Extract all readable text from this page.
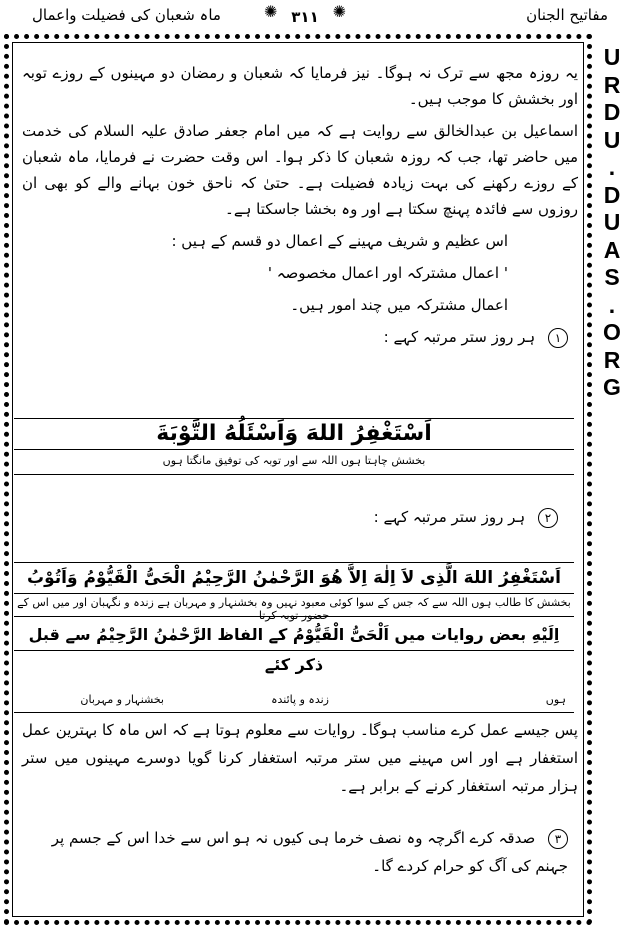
مفاتیح الجنان
✺ ۳۱۱ ✺
ماہ شعبان کی فضیلت واعمال
U
R
D
U
.
D
U
A
S
.
O
R
G

یہ روزہ مجھ سے ترک نہ ہوگا۔ نیز فرمایا کہ شعبان و رمضان دو مہینوں کے روزے توبہ اور بخشش کا موجب ہیں۔

اسماعیل بن عبدالخالق سے روایت ہے کہ میں امام جعفر صادق علیہ السلام کی خدمت میں حاضر تھا، جب کہ روزہ شعبان کا ذکر ہوا۔ اس وقت حضرت نے فرمایا، ماہ شعبان کے روزے رکھنے کی بہت زیادہ فضیلت ہے۔ حتیٰ کہ ناحق خون بہانے والے کو بھی ان روزوں سے فائدہ پہنچ سکتا ہے اور وہ بخشا جاسکتا ہے۔

اس عظیم و شریف مہینے کے اعمال دو قسم کے ہیں :

' اعمال مشترکہ اور اعمال مخصوصہ '

اعمال مشترکہ میں چند امور ہیں۔

۱ ہر روز ستر مرتبہ کہے :

اَسْتَغْفِرُ اللهَ وَاَسْئَلُهُ التَّوْبَةَ
بخشش چاہتا ہوں اللہ سے اور توبہ کی توفیق مانگتا ہوں
۲ ہر روز ستر مرتبہ کہے :
اَسْتَغْفِرُ اللهَ الَّذِى لاَ اِلٰهَ اِلاَّ هُوَ الرَّحْمٰنُ الرَّحِيْمُ الْحَىُّ الْقَيُّوْمُ وَاَتُوْبُ
بخشش کا طالب ہوں اللہ سے کہ جس کے سوا کوئی معبود نہیں وہ بخشنہار و مہربان ہے زندہ و نگہبان اور میں اس کے حضور توبہ کرتا
اِلَيْهِ بعض روایات میں اَلْحَىُّ الْقَيُّوْمُ کے الفاظ الرَّحْمٰنُ الرَّحِيْمُ سے قبل ذکر کئے
ہوں
زندہ و پائندہ
بخشنہار و مہربان
پس جیسے عمل کرے مناسب ہوگا۔ روایات سے معلوم ہوتا ہے کہ اس ماہ کا بہترین عمل استغفار ہے اور اس مہینے میں ستر مرتبہ استغفار کرنا گویا دوسرے مہینوں میں ستر ہزار مرتبہ استغفار کرنے کے برابر ہے۔
۳ صدقہ کرے اگرچہ وہ نصف خرما ہی کیوں نہ ہو اس سے خدا اس کے جسم پر جہنم کی آگ کو حرام کردے گا۔
